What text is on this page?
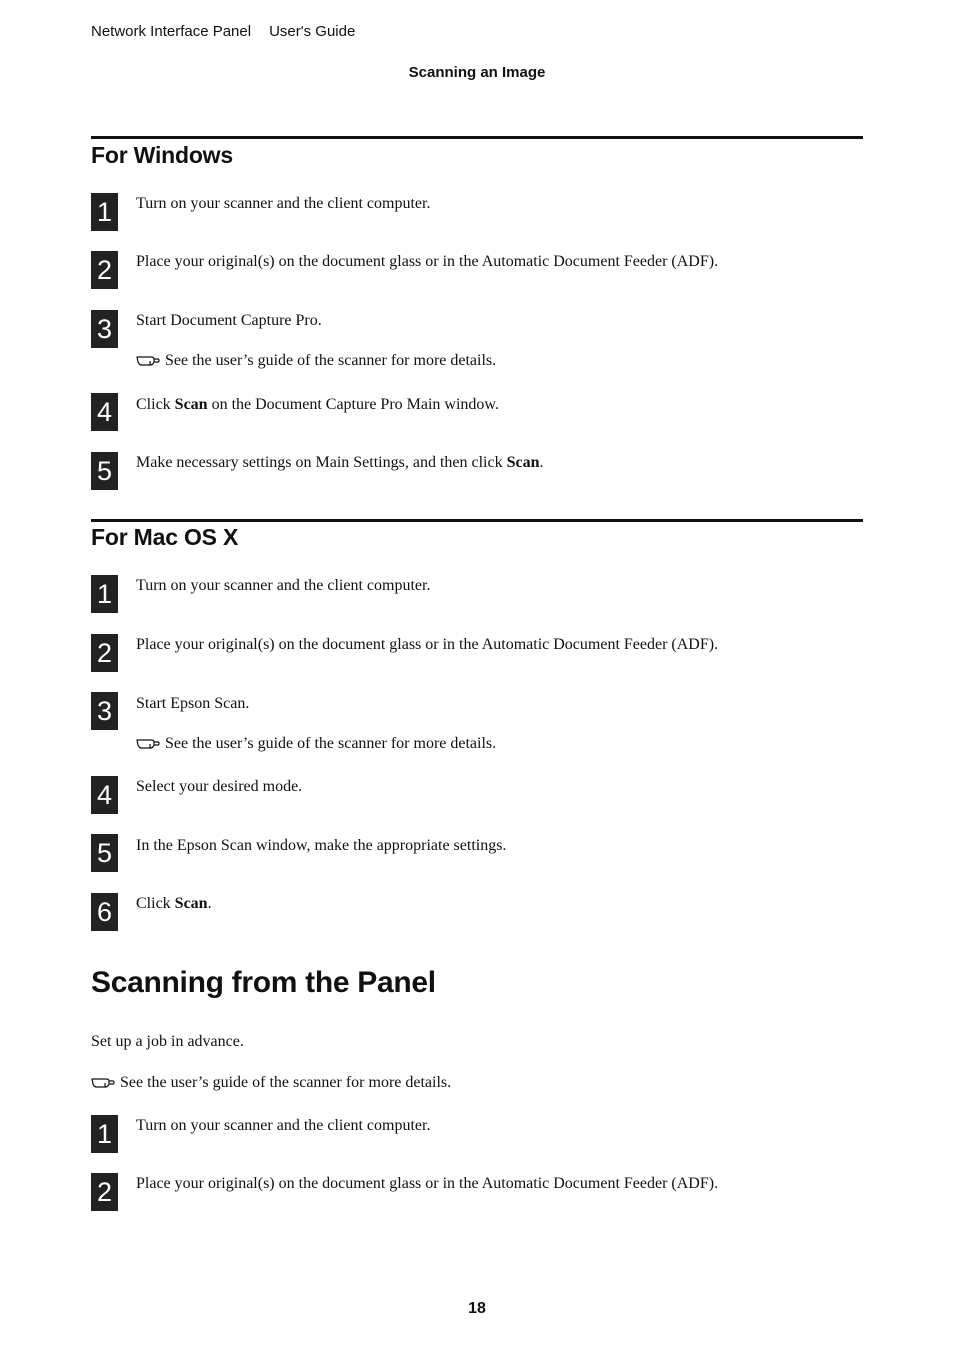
Network Interface Panel User's Guide
Scanning an Image
For Windows
1	Turn on your scanner and the client computer.
2	Place your original(s) on the document glass or in the Automatic Document Feeder (ADF).
3	Start Document Capture Pro.
See the user’s guide of the scanner for more details.
4	Click Scan on the Document Capture Pro Main window.
5	Make necessary settings on Main Settings, and then click Scan.
For Mac OS X
1	Turn on your scanner and the client computer.
2	Place your original(s) on the document glass or in the Automatic Document Feeder (ADF).
3	Start Epson Scan.
See the user’s guide of the scanner for more details.
4	Select your desired mode.
5	In the Epson Scan window, make the appropriate settings.
6	Click Scan.
Scanning from the Panel
Set up a job in advance.
See the user’s guide of the scanner for more details.
1	Turn on your scanner and the client computer.
2	Place your original(s) on the document glass or in the Automatic Document Feeder (ADF).
18
